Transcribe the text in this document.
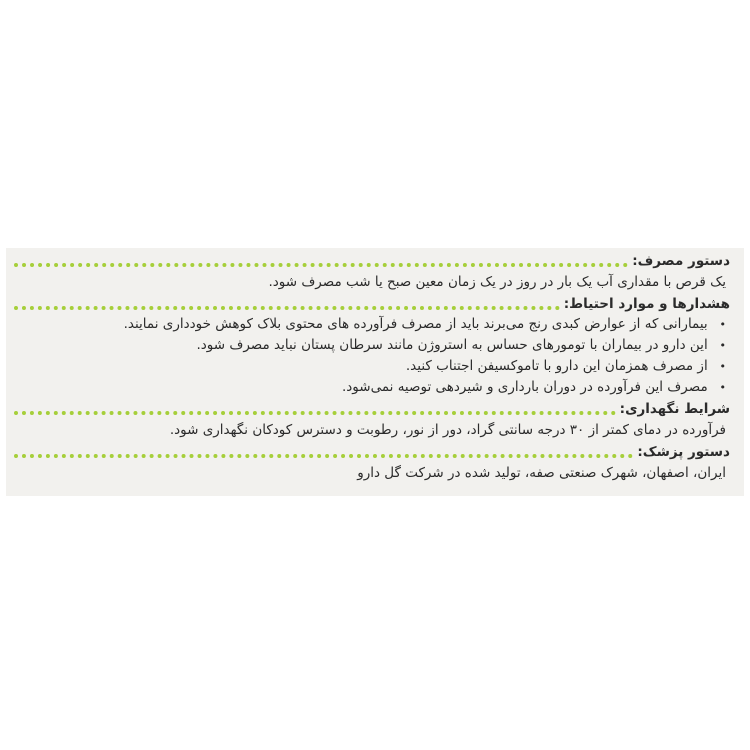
دستور مصرف:

یک قرص با مقداری آب یک بار در روز در یک زمان معین صبح یا شب مصرف شود.

هشدارها و موارد احتیاط:
• بیمارانی که از عوارض کبدی رنج می‌برند باید از مصرف فرآورده های محتوی بلاک کوهش خودداری نمایند.
• این دارو در بیماران با تومورهای حساس به استروژن مانند سرطان پستان نباید مصرف شود.
• از مصرف همزمان این دارو با تاموکسیفن اجتناب کنید.
• مصرف این فرآورده در دوران بارداری و شیردهی توصیه نمی‌شود.
شرایط نگهداری:

فرآورده در دمای کمتر از ۳۰ درجه سانتی گراد، دور از نور، رطوبت و دسترس کودکان نگهداری شود.

دستور پزشک:

ایران، اصفهان، شهرک صنعتی صفه، تولید شده در شرکت گل دارو
